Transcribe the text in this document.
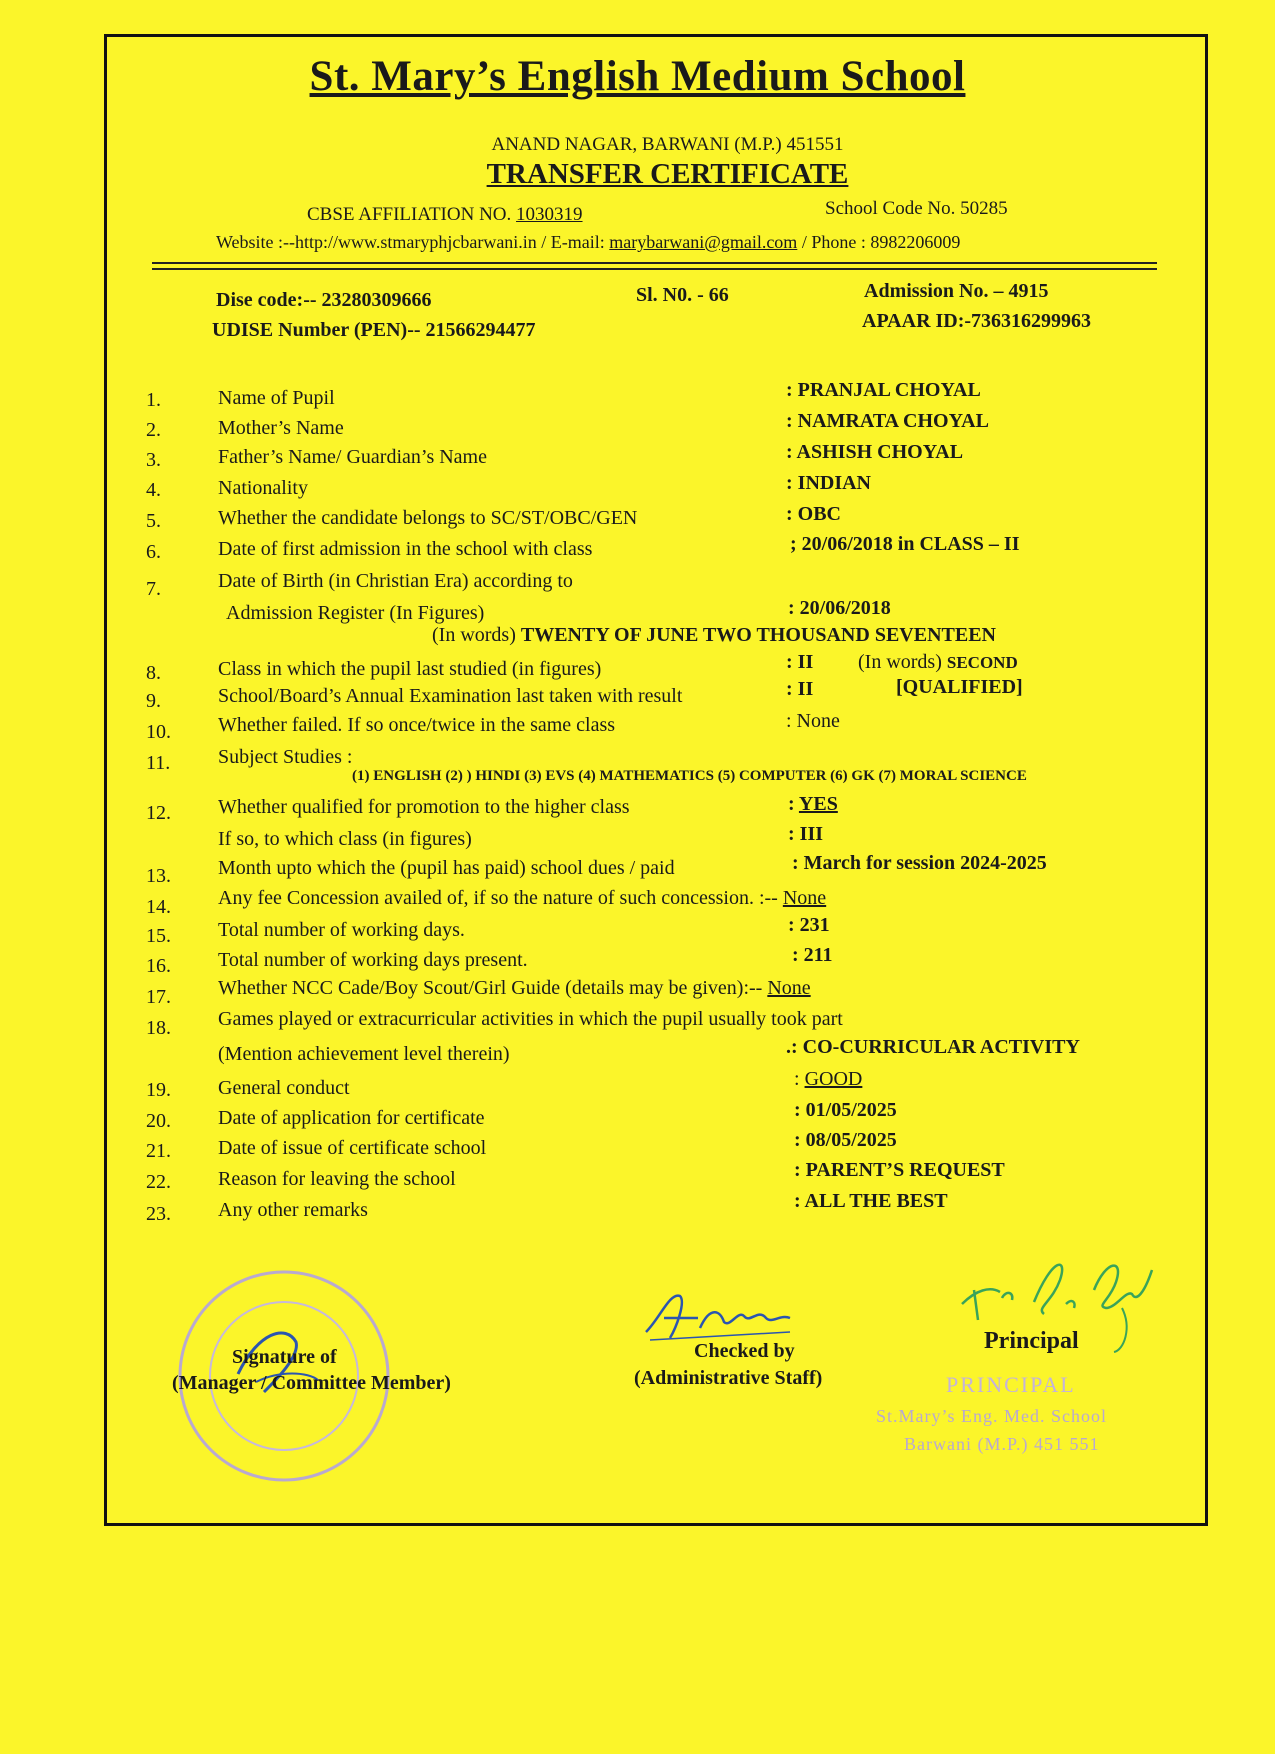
St. Mary’s English Medium School
ANAND NAGAR, BARWANI (M.P.) 451551
TRANSFER CERTIFICATE
CBSE AFFILIATION NO. 1030319	School Code No. 50285
Website :--http://www.stmaryphjcbarwani.in / E-mail: marybarwani@gmail.com / Phone : 8982206009
Dise code:-- 23280309666
UDISE Number (PEN)-- 21566294477
Sl. N0. - 66	Admission No. – 4915
APAAR ID:-736316299963
1.	Name of Pupil	: PRANJAL CHOYAL
2.	Mother’s Name	: NAMRATA CHOYAL
3.	Father’s Name/ Guardian’s Name	: ASHISH CHOYAL
4.	Nationality	: INDIAN
5.	Whether the candidate belongs to SC/ST/OBC/GEN	: OBC
6.	Date of first admission in the school with class	; 20/06/2018 in CLASS – II
7.	Date of Birth (in Christian Era) according to
Admission Register (In Figures)	: 20/06/2018
(In words) TWENTY OF JUNE TWO THOUSAND SEVENTEEN
8.	Class in which the pupil last studied (in figures)	: II (In words) SECOND
9.	School/Board’s Annual Examination last taken with result	: II	[QUALIFIED]
10.	Whether failed. If so once/twice in the same class	: None
11.	Subject Studies :
(1) ENGLISH (2) ) HINDI (3) EVS (4) MATHEMATICS (5) COMPUTER (6) GK (7) MORAL SCIENCE
12.	Whether qualified for promotion to the higher class	: YES
If so, to which class (in figures)	: III
13.	Month upto which the (pupil has paid) school dues / paid	: March for session 2024-2025
14.	Any fee Concession availed of, if so the nature of such concession. :-- None
15.	Total number of working days.	: 231
16.	Total number of working days present.	: 211
17.	Whether NCC Cade/Boy Scout/Girl Guide (details may be given):-- None
18.	Games played or extracurricular activities in which the pupil usually took part
(Mention achievement level therein)	.: CO-CURRICULAR ACTIVITY
19.	General conduct	: GOOD
20.	Date of application for certificate	: 01/05/2025
21.	Date of issue of certificate school	: 08/05/2025
22.	Reason for leaving the school	: PARENT’S REQUEST
23.	Any other remarks	: ALL THE BEST
Signature of
(Manager / Committee Member)
Checked by
(Administrative Staff)
Principal
PRINCIPAL
St.Mary’s Eng. Med. School
Barwani (M.P.) 451 551
